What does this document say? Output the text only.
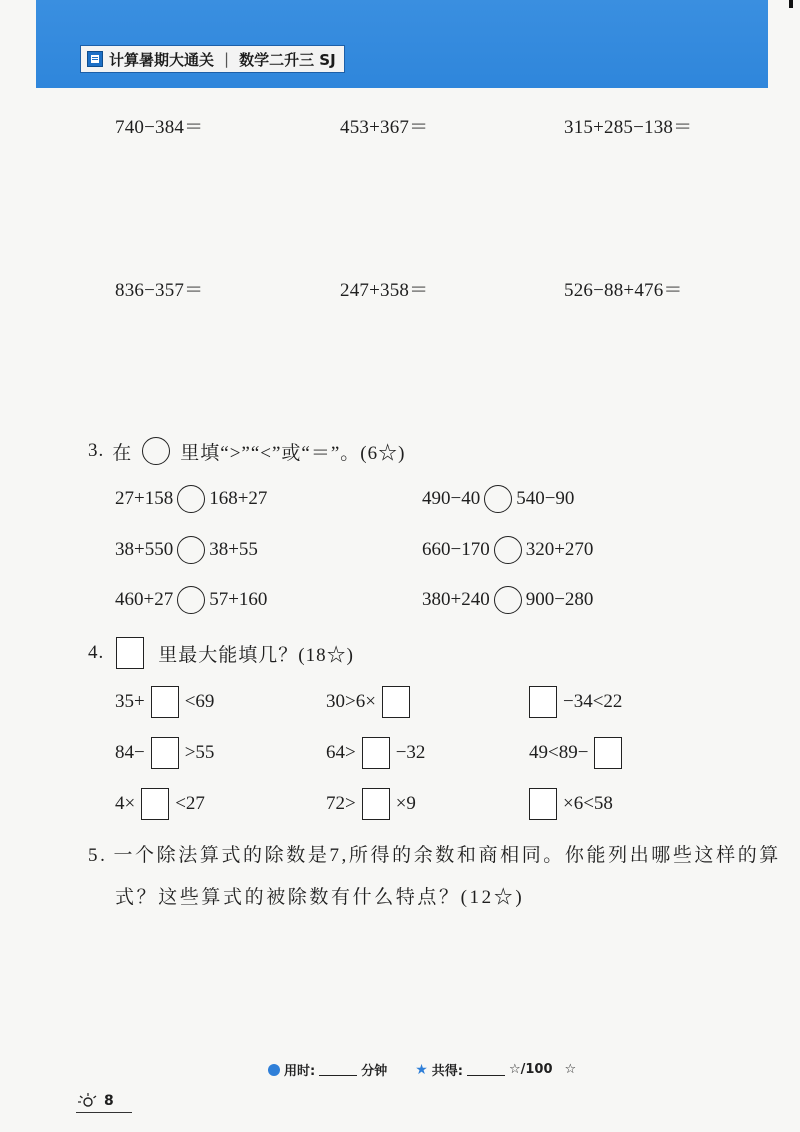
计算暑期大通关 | 数学二升三 SJ
740−384＝	453+367＝	315+285−138＝
836−357＝	247+358＝	526−88+476＝
3. 在	里填“>”“<”或“＝”。(6☆)
27+158 168+27	490−40 540−90
38+550 38+55	660−170 320+270
460+27 57+160	380+240 900−280
4.	里最大能填几？(18☆)
35+ <69	30>6×	−34<22
84− >55	64> −32	49<89−
4× <27	72> ×9	×6<58
5. 一个除法算式的除数是7,所得的余数和商相同。你能列出哪些这样的算
式？这些算式的被除数有什么特点？(12☆)
用时:	分钟 ★ 共得:	☆/100 ☆
8
